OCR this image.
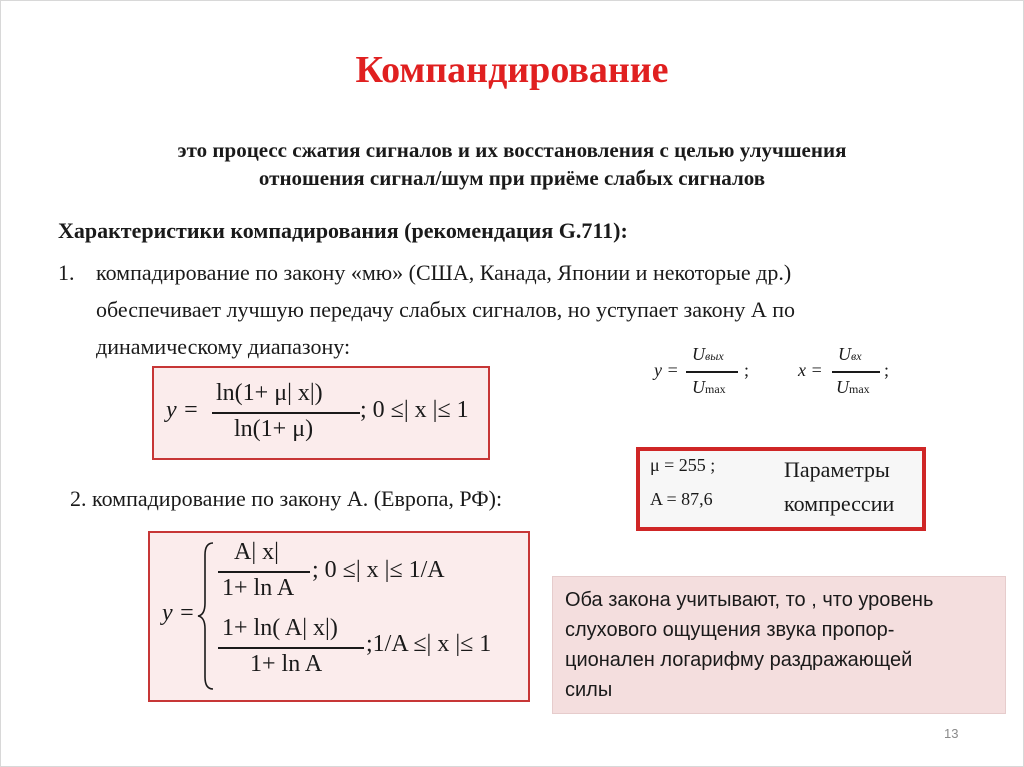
Компандирование
это процесс сжатия сигналов и их восстановления с целью улучшения
отношения сигнал/шум при приёме слабых сигналов
Характеристики компадирования (рекомендация G.711):
1. компадирование по закону «мю» (США, Канада, Японии и некоторые др.)
обеспечивает лучшую передачу слабых сигналов, но уступает закону А по
динамическому диапазону:
y =
Uвых
Umax
;	x =
Uвх
Umax
;
y =
ln(1+ μ| x|)
ln(1+ μ)
; 0 ≤| x |≤ 1
2. компадирование по закону А. (Европа, РФ):
μ = 255 ;
A = 87,6
Параметры
компрессии
y =
A| x|
1+ ln A
; 0 ≤| x |≤ 1/A
1+ ln( A| x|)
1+ ln A
;1/A ≤| x |≤ 1
Оба закона учитывают, то , что уровень
слухового ощущения звука пропор-
ционален логарифму раздражающей
силы
13
